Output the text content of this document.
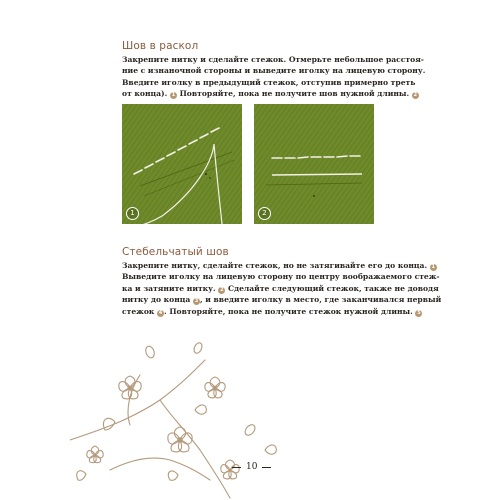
Шов в раскол
Закрепите нитку и сделайте стежок. Отмерьте небольшое расстоя-
ние с изнаночной стороны и выведите иголку на лицевую сторону.
Введите иголку в предыдущий стежок, отступив примерно треть
от конца). 1 Повторяйте, пока не получите шов нужной длины. 2
1	2
Стебельчатый шов
Закрепите нитку, сделайте стежок, но не затягивайте его до конца. 1
Выведите иголку на лицевую сторону по центру воображаемого стеж-
ка и затяните нитку. 2 Сделайте следующий стежок, также не доводя
нитку до конца 3 , и введите иголку в место, где заканчивался первый
стежок 4 . Повторяйте, пока не получите стежок нужной длины. 5
10
